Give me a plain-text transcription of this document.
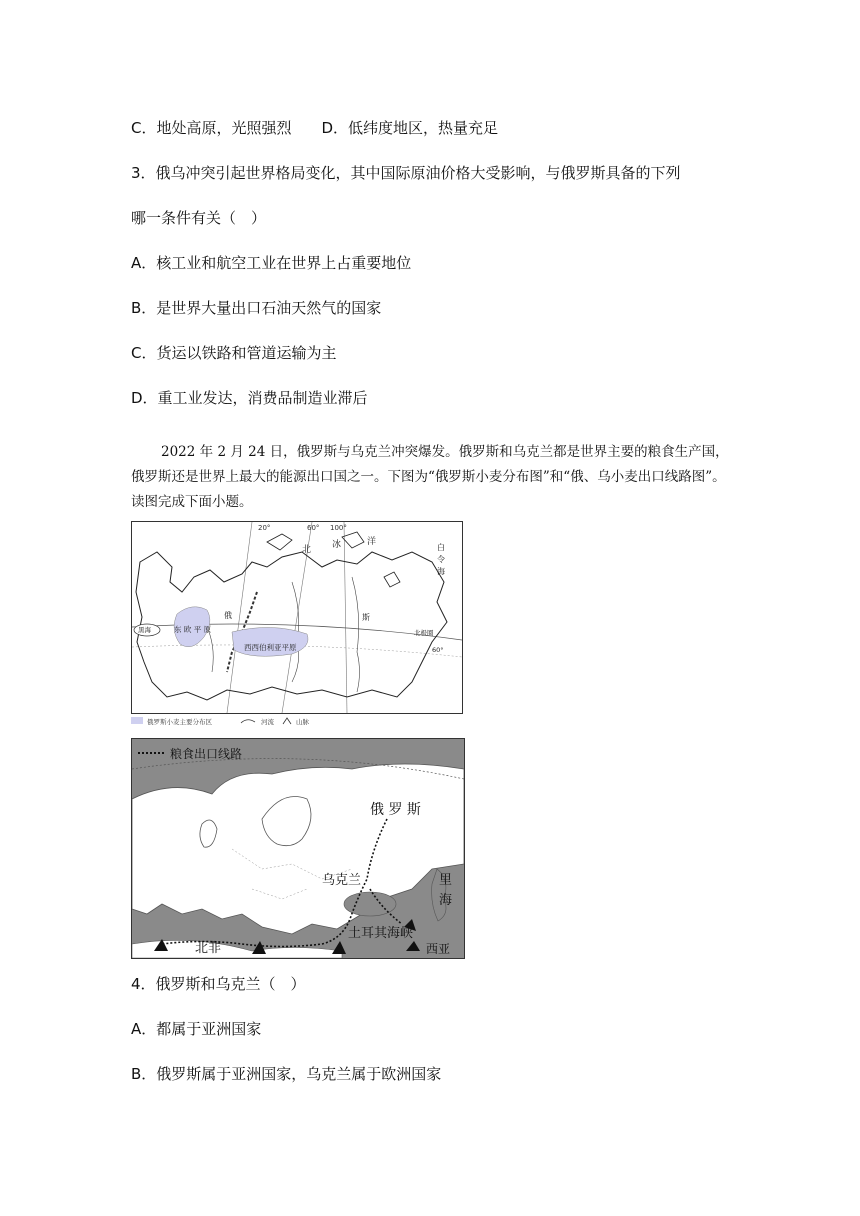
C．地处高原，光照强烈　　D．低纬度地区，热量充足
3．俄乌冲突引起世界格局变化，其中国际原油价格大受影响，与俄罗斯具备的下列
哪一条件有关（　）
A．核工业和航空工业在世界上占重要地位
B．是世界大量出口石油天然气的国家
C．货运以铁路和管道运输为主
D．重工业发达，消费品制造业滞后

2022 年 2 月 24 日，俄罗斯与乌克兰冲突爆发。俄罗斯和乌克兰都是世界主要的粮食生产国，俄罗斯还是世界上最大的能源出口国之一。下图为“俄罗斯小麦分布图”和“俄、乌小麦出口线路图”。读图完成下面小题。

20°	60° 100°
北 冰	洋
白
令
海
俄	斯
东 欧 平 原
西西伯利亚平原
黑海	北极圈
60°
俄罗斯小麦主要分布区	河流	山脉
粮食出口线路
俄 罗 斯
乌克兰	里
海
土耳其海峡
北非	西亚
4．俄罗斯和乌克兰（　）
A．都属于亚洲国家
B．俄罗斯属于亚洲国家，乌克兰属于欧洲国家
